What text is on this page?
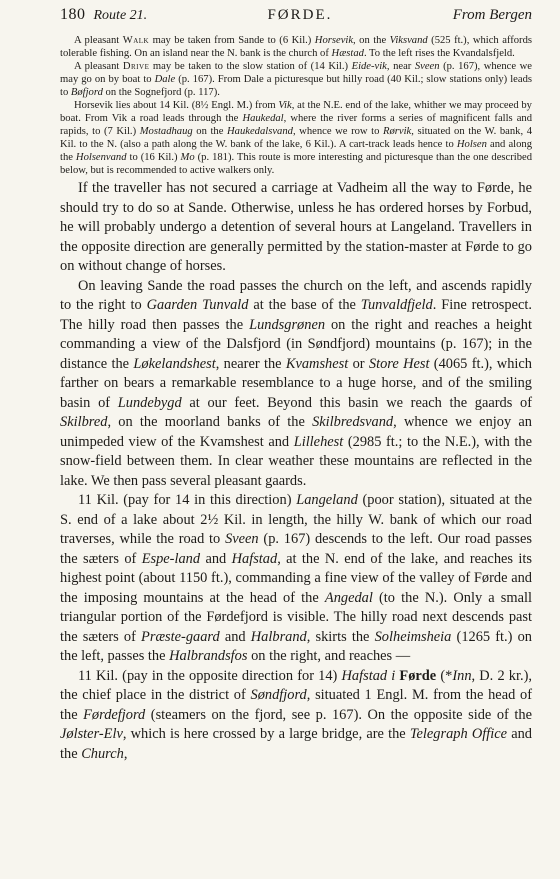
180 Route 21.	FØRDE.	From Bergen

A pleasant Walk may be taken from Sande to (6 Kil.) Horsevik, on the Viksvand (525 ft.), which affords tolerable fishing. On an island near the N. bank is the church of Hæstad. To the left rises the Kvandalsfjeld.

A pleasant Drive may be taken to the slow station of (14 Kil.) Eide-vik, near Sveen (p. 167), whence we may go on by boat to Dale (p. 167). From Dale a picturesque but hilly road (40 Kil.; slow stations only) leads to Bøfjord on the Sognefjord (p. 117).

Horsevik lies about 14 Kil. (8½ Engl. M.) from Vik, at the N.E. end of the lake, whither we may proceed by boat. From Vik a road leads through the Haukedal, where the river forms a series of magnificent falls and rapids, to (7 Kil.) Mostadhaug on the Haukedalsvand, whence we row to Rørvik, situated on the W. bank, 4 Kil. to the N. (also a path along the W. bank of the lake, 6 Kil.). A cart-track leads hence to Holsen and along the Holsenvand to (16 Kil.) Mo (p. 181). This route is more interesting and picturesque than the one described below, but is recommended to active walkers only.

If the traveller has not secured a carriage at Vadheim all the way to Førde, he should try to do so at Sande. Otherwise, unless he has ordered horses by Forbud, he will probably undergo a detention of several hours at Langeland. Travellers in the opposite direction are generally permitted by the station-master at Førde to go on without change of horses.

On leaving Sande the road passes the church on the left, and ascends rapidly to the right to Gaarden Tunvald at the base of the Tunvaldfjeld. Fine retrospect. The hilly road then passes the Lundsgrønen on the right and reaches a height commanding a view of the Dalsfjord (in Søndfjord) mountains (p. 167); in the distance the Løkelandshest, nearer the Kvamshest or Store Hest (4065 ft.), which farther on bears a remarkable resemblance to a huge horse, and of the smiling basin of Lundebygd at our feet. Beyond this basin we reach the gaards of Skilbred, on the moorland banks of the Skilbredsvand, whence we enjoy an unimpeded view of the Kvamshest and Lillehest (2985 ft.; to the N.E.), with the snow-field between them. In clear weather these mountains are reflected in the lake. We then pass several pleasant gaards.

11 Kil. (pay for 14 in this direction) Langeland (poor station), situated at the S. end of a lake about 2½ Kil. in length, the hilly W. bank of which our road traverses, while the road to Sveen (p. 167) descends to the left. Our road passes the sæters of Espe-land and Hafstad, at the N. end of the lake, and reaches its highest point (about 1150 ft.), commanding a fine view of the valley of Førde and the imposing mountains at the head of the Angedal (to the N.). Only a small triangular portion of the Førdefjord is visible. The hilly road next descends past the sæters of Præste-gaard and Halbrand, skirts the Solheimsheia (1265 ft.) on the left, passes the Halbrandsfos on the right, and reaches —

11 Kil. (pay in the opposite direction for 14) Hafstad i Førde (*Inn, D. 2 kr.), the chief place in the district of Søndfjord, situated 1 Engl. M. from the head of the Førdefjord (steamers on the fjord, see p. 167). On the opposite side of the Jølster-Elv, which is here crossed by a large bridge, are the Telegraph Office and the Church,
